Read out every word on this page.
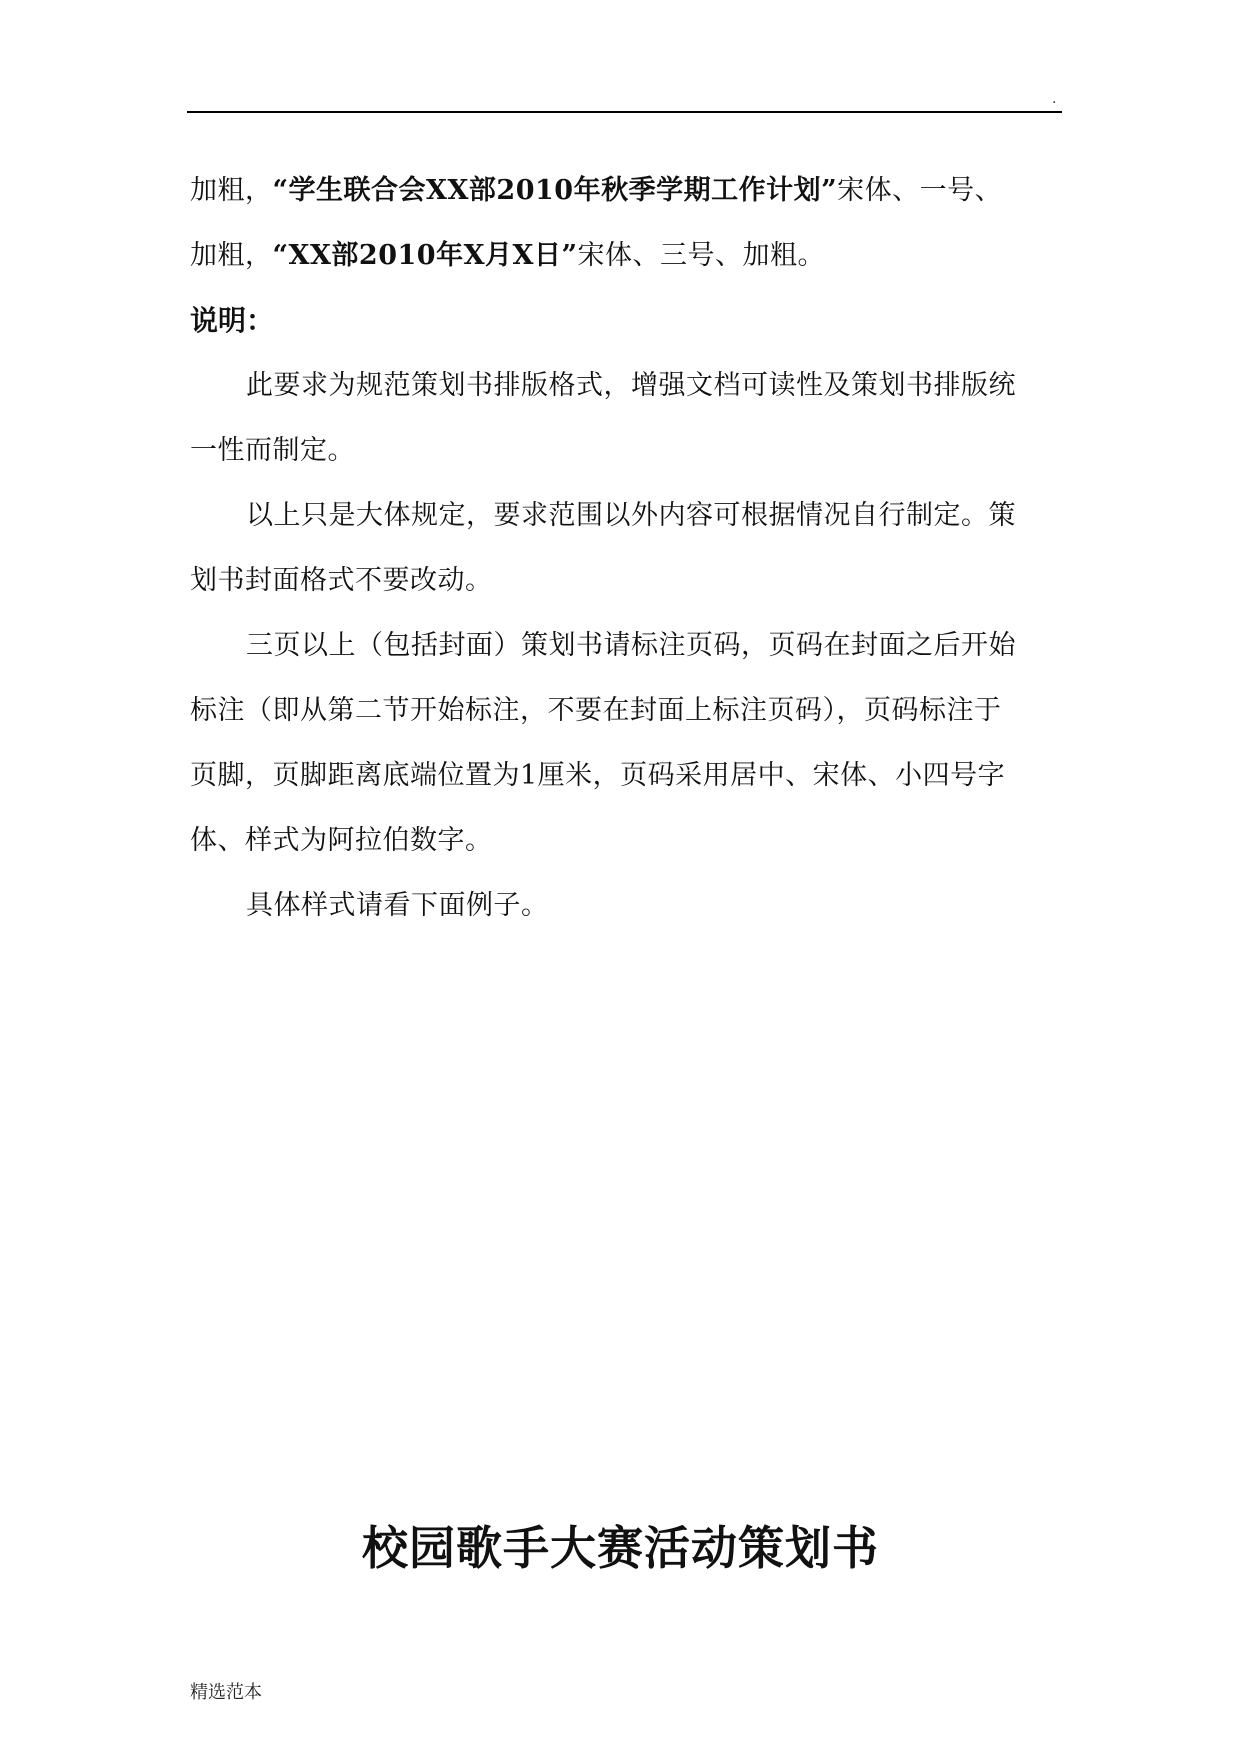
.
加粗，“学生联合会XX部2010年秋季学期工作计划”宋体、一号、
加粗，“XX部2010年X月X日”宋体、三号、加粗。
说明：
此要求为规范策划书排版格式，增强文档可读性及策划书排版统
一性而制定。
以上只是大体规定，要求范围以外内容可根据情况自行制定。策
划书封面格式不要改动。
三页以上（包括封面）策划书请标注页码，页码在封面之后开始
标注（即从第二节开始标注，不要在封面上标注页码），页码标注于
页脚，页脚距离底端位置为1厘米，页码采用居中、宋体、小四号字
体、样式为阿拉伯数字。
具体样式请看下面例子。
校园歌手大赛活动策划书
精选范本
